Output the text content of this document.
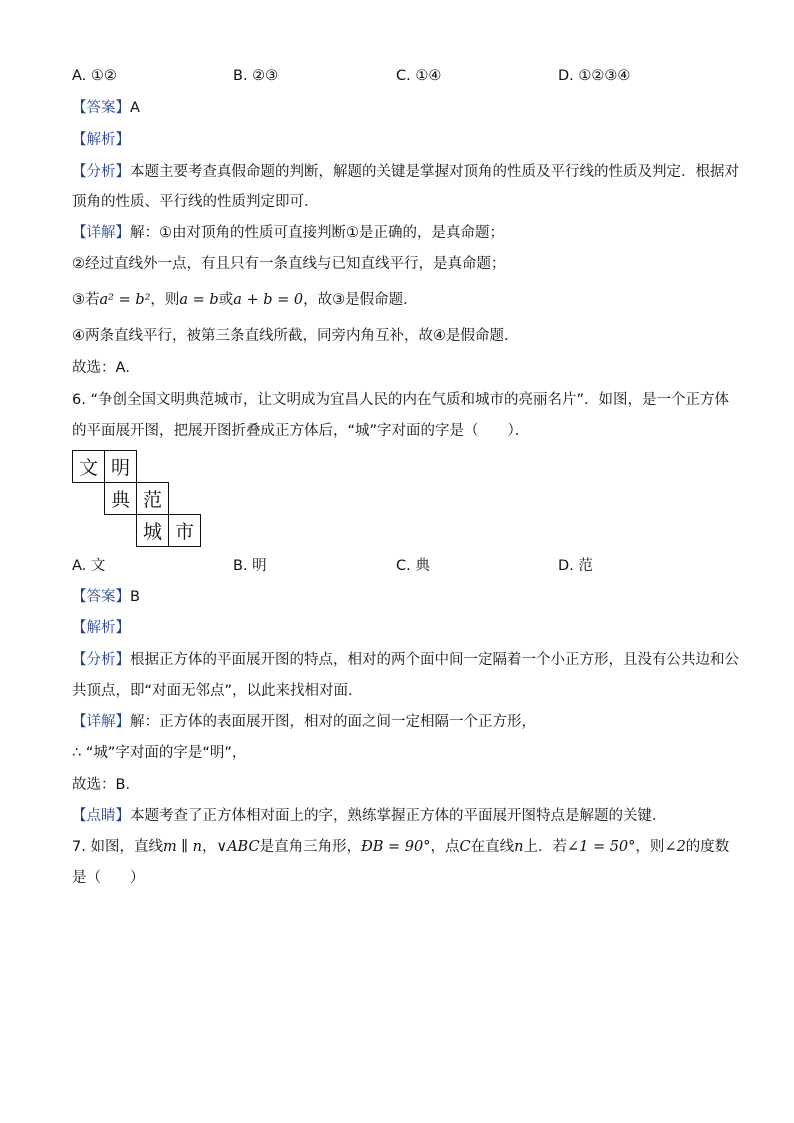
A. ①②	B. ②③	C. ①④	D. ①②③④
【答案】A
【解析】
【分析】本题主要考查真假命题的判断，解题的关键是掌握对顶角的性质及平行线的性质及判定．根据对
顶角的性质、平行线的性质判定即可．
【详解】解：①由对顶角的性质可直接判断①是正确的，是真命题；
②经过直线外一点，有且只有一条直线与已知直线平行，是真命题；
③若a² = b²，则a = b或a + b = 0，故③是假命题．
④两条直线平行，被第三条直线所截，同旁内角互补，故④是假命题．
故选：A．
6. “争创全国文明典范城市，让文明成为宜昌人民的内在气质和城市的亮丽名片”．如图，是一个正方体
的平面展开图，把展开图折叠成正方体后，“城”字对面的字是（　　）．
文 明
典 范
城 市
A. 文	B. 明	C. 典	D. 范
【答案】B
【解析】
【分析】根据正方体的平面展开图的特点，相对的两个面中间一定隔着一个小正方形，且没有公共边和公
共顶点，即“对面无邻点”，以此来找相对面．
【详解】解：正方体的表面展开图，相对的面之间一定相隔一个正方形，
∴ “城”字对面的字是“明”，
故选：B．
【点睛】本题考查了正方体相对面上的字，熟练掌握正方体的平面展开图特点是解题的关键．
7. 如图，直线m ∥ n，∨ABC是直角三角形，ÐB = 90°，点C在直线n上．若∠1 = 50°，则∠2的度数
是（　　）
